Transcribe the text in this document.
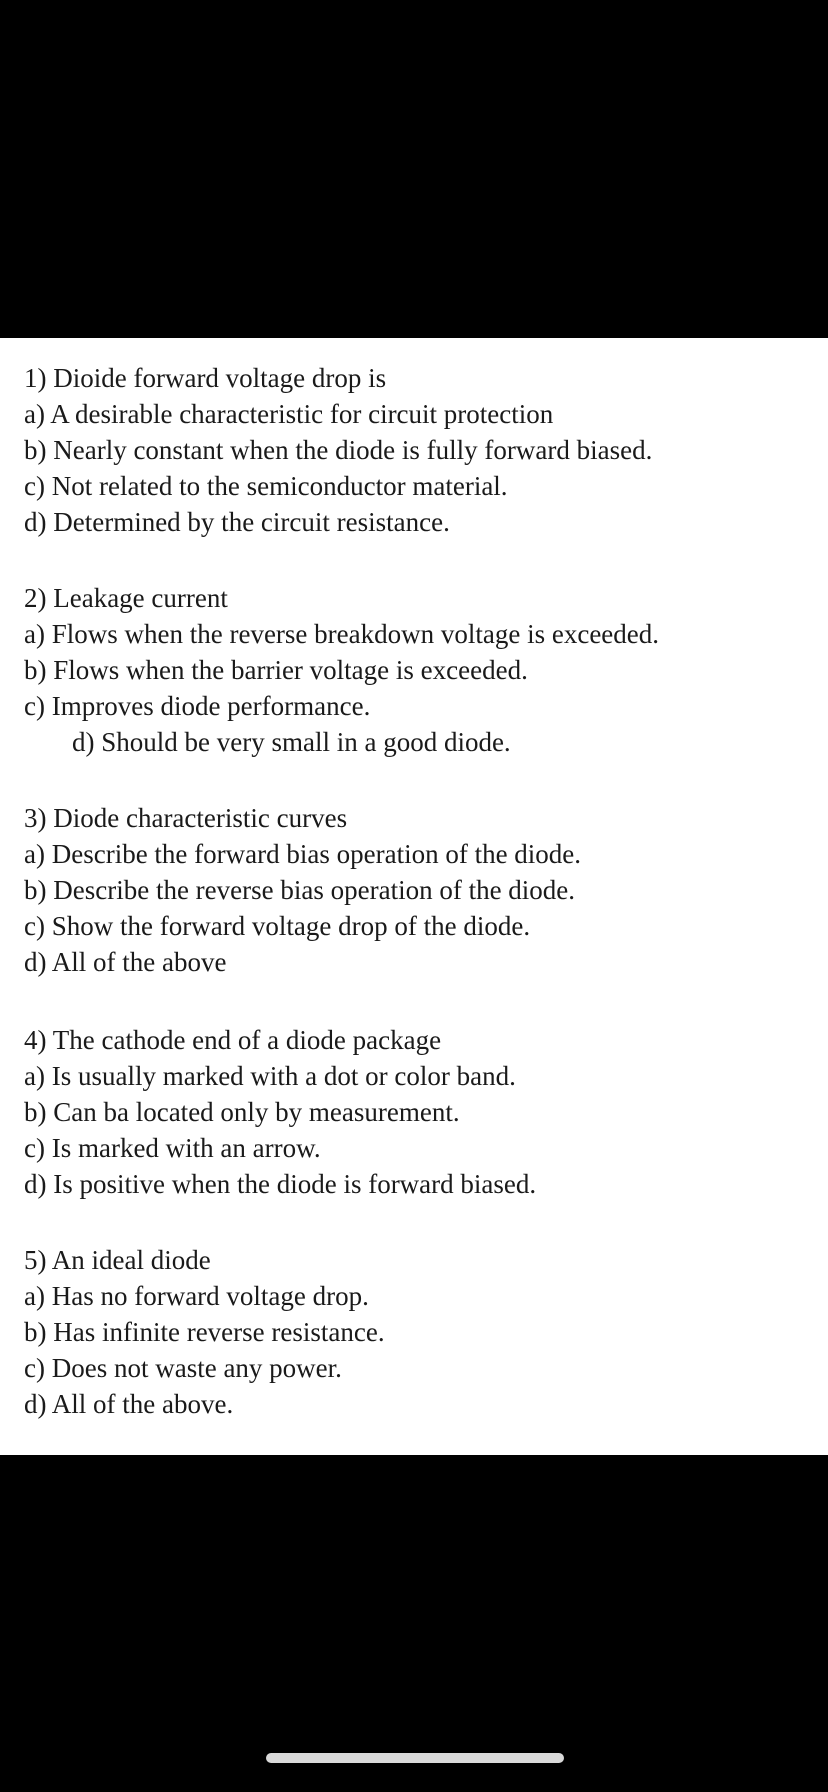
1) Dioide forward voltage drop is
a) A desirable characteristic for circuit protection
b) Nearly constant when the diode is fully forward biased.
c) Not related to the semiconductor material.
d) Determined by the circuit resistance.
2) Leakage current
a) Flows when the reverse breakdown voltage is exceeded.
b) Flows when the barrier voltage is exceeded.
c) Improves diode performance.
d) Should be very small in a good diode.
3) Diode characteristic curves
a) Describe the forward bias operation of the diode.
b) Describe the reverse bias operation of the diode.
c) Show the forward voltage drop of the diode.
d) All of the above
4) The cathode end of a diode package
a) Is usually marked with a dot or color band.
b) Can ba located only by measurement.
c) Is marked with an arrow.
d) Is positive when the diode is forward biased.
5) An ideal diode
a) Has no forward voltage drop.
b) Has infinite reverse resistance.
c) Does not waste any power.
d) All of the above.
